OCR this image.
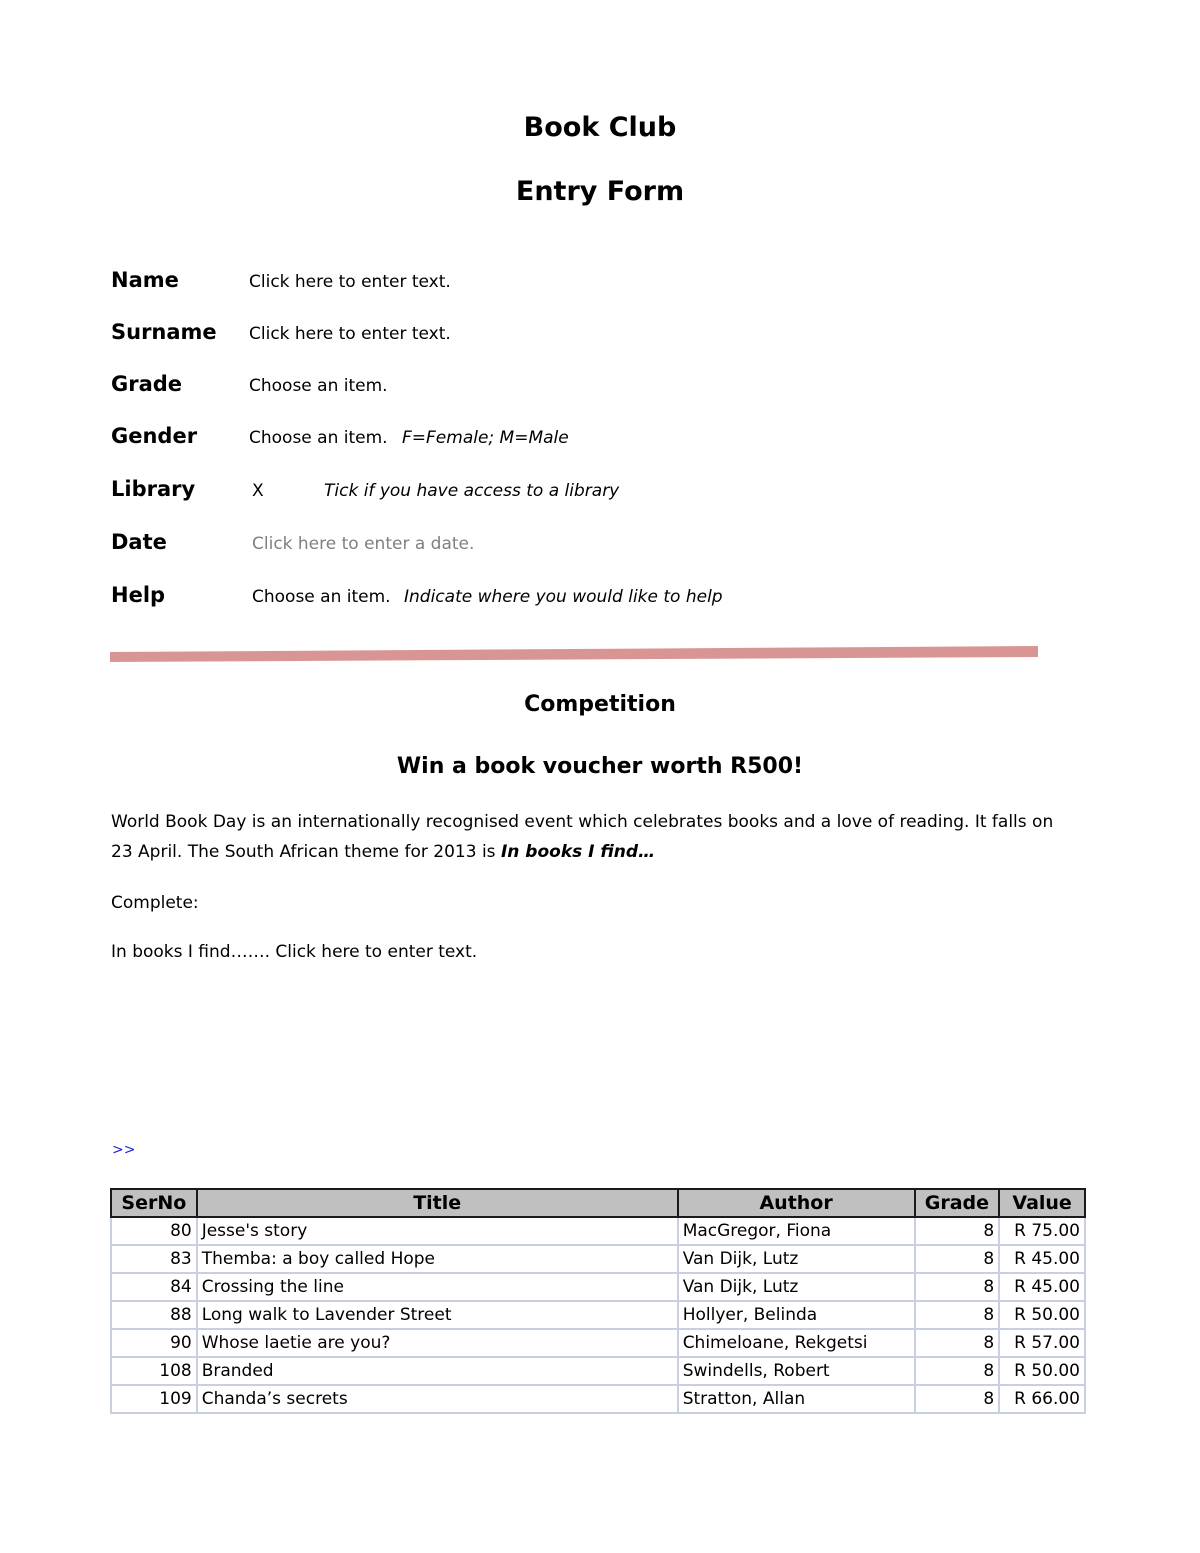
Book Club
Entry Form
Name	Click here to enter text.
Surname Click here to enter text.
Grade	Choose an item.
Gender	Choose an item. F=Female; M=Male
Library	X	Tick if you have access to a library
Date	Click here to enter a date.
Help	Choose an item. Indicate where you would like to help
Competition
Win a book voucher worth R500!
World Book Day is an internationally recognised event which celebrates books and a love of reading. It falls on
23 April. The South African theme for 2013 is In books I find…
Complete:
In books I find……. Click here to enter text.
>>
SerNo	Title	Author	Grade	Value
80	Jesse's story	MacGregor, Fiona	8	R 75.00
83	Themba: a boy called Hope	Van Dijk, Lutz	8	R 45.00
84	Crossing the line	Van Dijk, Lutz	8	R 45.00
88	Long walk to Lavender Street	Hollyer, Belinda	8	R 50.00
90	Whose laetie are you?	Chimeloane, Rekgetsi	8	R 57.00
108	Branded	Swindells, Robert	8	R 50.00
109	Chanda’s secrets	Stratton, Allan	8	R 66.00
